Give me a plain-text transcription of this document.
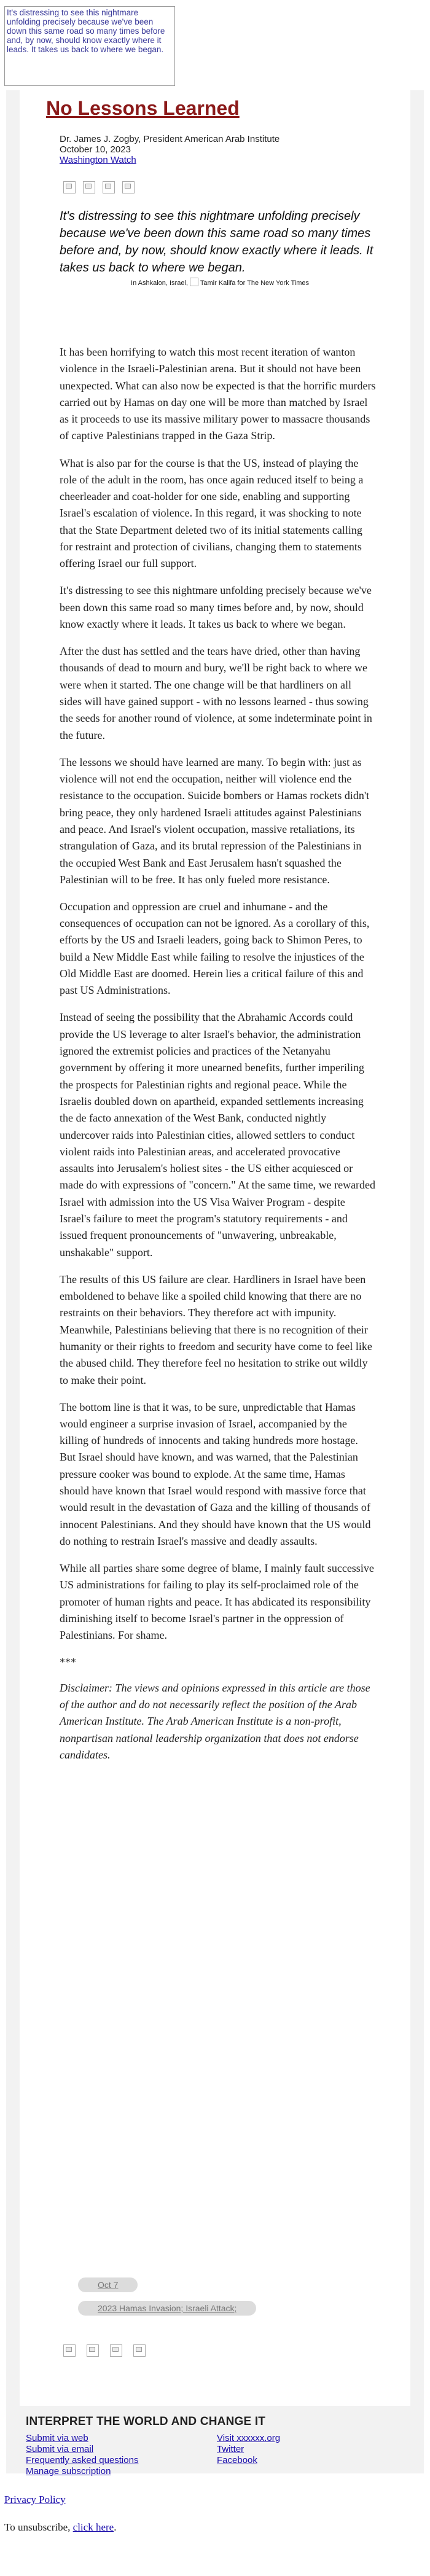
It's distressing to see this nightmare unfolding precisely because we've been down this same road so many times before and, by now, should know exactly where it leads. It takes us back to where we began.
No Lessons Learned
Dr. James J. Zogby, President American Arab Institute
October 10, 2023
Washington Watch

It's distressing to see this nightmare unfolding precisely because we've been down this same road so many times before and, by now, should know exactly where it leads. It takes us back to where we began.

In Ashkalon, Israel,  Tamir Kalifa for The New York Times

It has been horrifying to watch this most recent iteration of wanton violence in the Israeli-Palestinian arena. But it should not have been unexpected. What can also now be expected is that the horrific murders carried out by Hamas on day one will be more than matched by Israel as it proceeds to use its massive military power to massacre thousands of captive Palestinians trapped in the Gaza Strip.

What is also par for the course is that the US, instead of playing the role of the adult in the room, has once again reduced itself to being a cheerleader and coat-holder for one side, enabling and supporting Israel's escalation of violence. In this regard, it was shocking to note that the State Department deleted two of its initial statements calling for restraint and protection of civilians, changing them to statements offering Israel our full support.

It's distressing to see this nightmare unfolding precisely because we've been down this same road so many times before and, by now, should know exactly where it leads. It takes us back to where we began.

After the dust has settled and the tears have dried, other than having thousands of dead to mourn and bury, we'll be right back to where we were when it started. The one change will be that hardliners on all sides will have gained support - with no lessons learned - thus sowing the seeds for another round of violence, at some indeterminate point in the future.

The lessons we should have learned are many. To begin with: just as violence will not end the occupation, neither will violence end the resistance to the occupation. Suicide bombers or Hamas rockets didn't bring peace, they only hardened Israeli attitudes against Palestinians and peace. And Israel's violent occupation, massive retaliations, its strangulation of Gaza, and its brutal repression of the Palestinians in the occupied West Bank and East Jerusalem hasn't squashed the Palestinian will to be free. It has only fueled more resistance.

Occupation and oppression are cruel and inhumane - and the consequences of occupation can not be ignored. As a corollary of this, efforts by the US and Israeli leaders, going back to Shimon Peres, to build a New Middle East while failing to resolve the injustices of the Old Middle East are doomed. Herein lies a critical failure of this and past US Administrations.

Instead of seeing the possibility that the Abrahamic Accords could provide the US leverage to alter Israel's behavior, the administration ignored the extremist policies and practices of the Netanyahu government by offering it more unearned benefits, further imperiling the prospects for Palestinian rights and regional peace. While the Israelis doubled down on apartheid, expanded settlements increasing the de facto annexation of the West Bank, conducted nightly undercover raids into Palestinian cities, allowed settlers to conduct violent raids into Palestinian areas, and accelerated provocative assaults into Jerusalem's holiest sites - the US either acquiesced or made do with expressions of "concern." At the same time, we rewarded Israel with admission into the US Visa Waiver Program - despite Israel's failure to meet the program's statutory requirements - and issued frequent pronouncements of "unwavering, unbreakable, unshakable" support.

The results of this US failure are clear. Hardliners in Israel have been emboldened to behave like a spoiled child knowing that there are no restraints on their behaviors. They therefore act with impunity. Meanwhile, Palestinians believing that there is no recognition of their humanity or their rights to freedom and security have come to feel like the abused child. They therefore feel no hesitation to strike out wildly to make their point.

The bottom line is that it was, to be sure, unpredictable that Hamas would engineer a surprise invasion of Israel, accompanied by the killing of hundreds of innocents and taking hundreds more hostage. But Israel should have known, and was warned, that the Palestinian pressure cooker was bound to explode. At the same time, Hamas should have known that Israel would respond with massive force that would result in the devastation of Gaza and the killing of thousands of innocent Palestinians. And they should have known that the US would do nothing to restrain Israel's massive and deadly assaults.

While all parties share some degree of blame, I mainly fault successive US administrations for failing to play its self-proclaimed role of the promoter of human rights and peace. It has abdicated its responsibility diminishing itself to become Israel's partner in the oppression of Palestinians. For shame.

***

Disclaimer: The views and opinions expressed in this article are those of the author and do not necessarily reflect the position of the Arab American Institute. The Arab American Institute is a non-profit, nonpartisan national leadership organization that does not endorse candidates.

Oct 7
2023 Hamas Invasion; Israeli Attack;
INTERPRET THE WORLD AND CHANGE IT
Submit via web
Submit via email
Frequently asked questions
Manage subscription
Visit xxxxxx.org
Twitter
Facebook
Privacy Policy
To unsubscribe, click here.
